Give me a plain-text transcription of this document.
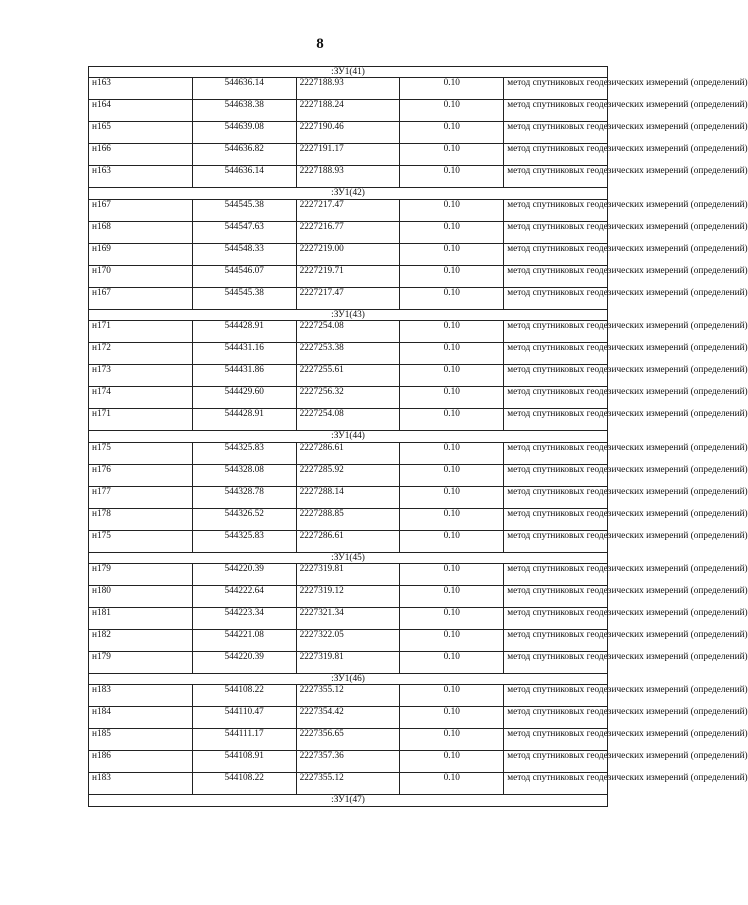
8
:ЗУ1(41)				
н163	544636.14	2227188.93	0.10	метод спутниковых геодезических измерений (определений)
н164	544638.38	2227188.24	0.10	метод спутниковых геодезических измерений (определений)
н165	544639.08	2227190.46	0.10	метод спутниковых геодезических измерений (определений)
н166	544636.82	2227191.17	0.10	метод спутниковых геодезических измерений (определений)
н163	544636.14	2227188.93	0.10	метод спутниковых геодезических измерений (определений)
:ЗУ1(42)				
н167	544545.38	2227217.47	0.10	метод спутниковых геодезических измерений (определений)
н168	544547.63	2227216.77	0.10	метод спутниковых геодезических измерений (определений)
н169	544548.33	2227219.00	0.10	метод спутниковых геодезических измерений (определений)
н170	544546.07	2227219.71	0.10	метод спутниковых геодезических измерений (определений)
н167	544545.38	2227217.47	0.10	метод спутниковых геодезических измерений (определений)
:ЗУ1(43)				
н171	544428.91	2227254.08	0.10	метод спутниковых геодезических измерений (определений)
н172	544431.16	2227253.38	0.10	метод спутниковых геодезических измерений (определений)
н173	544431.86	2227255.61	0.10	метод спутниковых геодезических измерений (определений)
н174	544429.60	2227256.32	0.10	метод спутниковых геодезических измерений (определений)
н171	544428.91	2227254.08	0.10	метод спутниковых геодезических измерений (определений)
:ЗУ1(44)				
н175	544325.83	2227286.61	0.10	метод спутниковых геодезических измерений (определений)
н176	544328.08	2227285.92	0.10	метод спутниковых геодезических измерений (определений)
н177	544328.78	2227288.14	0.10	метод спутниковых геодезических измерений (определений)
н178	544326.52	2227288.85	0.10	метод спутниковых геодезических измерений (определений)
н175	544325.83	2227286.61	0.10	метод спутниковых геодезических измерений (определений)
:ЗУ1(45)				
н179	544220.39	2227319.81	0.10	метод спутниковых геодезических измерений (определений)
н180	544222.64	2227319.12	0.10	метод спутниковых геодезических измерений (определений)
н181	544223.34	2227321.34	0.10	метод спутниковых геодезических измерений (определений)
н182	544221.08	2227322.05	0.10	метод спутниковых геодезических измерений (определений)
н179	544220.39	2227319.81	0.10	метод спутниковых геодезических измерений (определений)
:ЗУ1(46)				
н183	544108.22	2227355.12	0.10	метод спутниковых геодезических измерений (определений)
н184	544110.47	2227354.42	0.10	метод спутниковых геодезических измерений (определений)
н185	544111.17	2227356.65	0.10	метод спутниковых геодезических измерений (определений)
н186	544108.91	2227357.36	0.10	метод спутниковых геодезических измерений (определений)
н183	544108.22	2227355.12	0.10	метод спутниковых геодезических измерений (определений)
:ЗУ1(47)				
